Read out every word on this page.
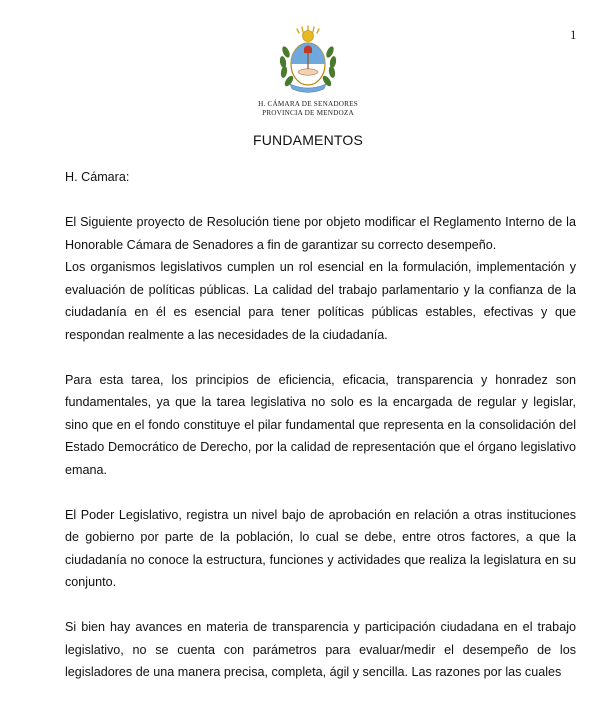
1
H. CÁMARA DE SENADORES
PROVINCIA DE MENDOZA
FUNDAMENTOS

H. Cámara:

El Siguiente proyecto de Resolución tiene por objeto modificar el Reglamento Interno de la Honorable Cámara de Senadores a fin de garantizar su correcto desempeño.

Los organismos legislativos cumplen un rol esencial en la formulación, implementación y evaluación de políticas públicas. La calidad del trabajo parlamentario y la confianza de la ciudadanía en él es esencial para tener políticas públicas estables, efectivas y que respondan realmente a las necesidades de la ciudadanía.

Para esta tarea, los principios de eficiencia, eficacia, transparencia y honradez son fundamentales, ya que la tarea legislativa no solo es la encargada de regular y legislar, sino que en el fondo constituye el pilar fundamental que representa en la consolidación del Estado Democrático de Derecho, por la calidad de representación que el órgano legislativo emana.

El Poder Legislativo, registra un nivel bajo de aprobación en relación a otras instituciones de gobierno por parte de la población, lo cual se debe, entre otros factores, a que la ciudadanía no conoce la estructura, funciones y actividades que realiza la legislatura en su conjunto.

Si bien hay avances en materia de transparencia y participación ciudadana en el trabajo legislativo, no se cuenta con parámetros para evaluar/medir el desempeño de los legisladores de una manera precisa, completa, ágil y sencilla. Las razones por las cuales
